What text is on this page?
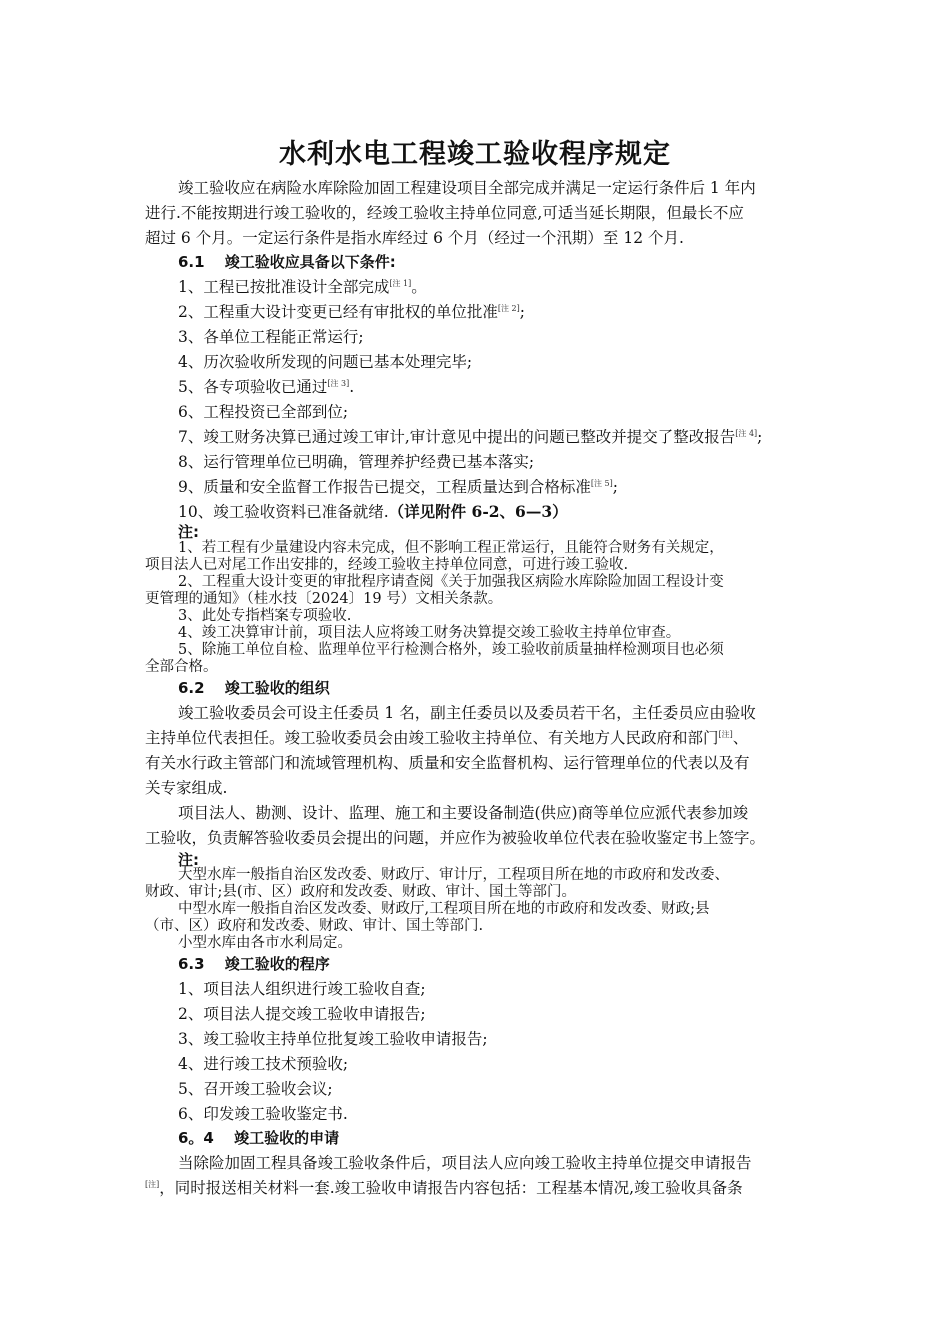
水利水电工程竣工验收程序规定
竣工验收应在病险水库除险加固工程建设项目全部完成并满足一定运行条件后 1 年内
进行.不能按期进行竣工验收的，经竣工验收主持单位同意,可适当延长期限，但最长不应
超过 6 个月。一定运行条件是指水库经过 6 个月（经过一个汛期）至 12 个月.
6.1　 竣工验收应具备以下条件:
1、工程已按批准设计全部完成[注 1]。
2、工程重大设计变更已经有审批权的单位批准[注 2];
3、各单位工程能正常运行;
4、历次验收所发现的问题已基本处理完毕;
5、各专项验收已通过[注 3].
6、工程投资已全部到位;
7、竣工财务决算已通过竣工审计,审计意见中提出的问题已整改并提交了整改报告[注 4];
8、运行管理单位已明确，管理养护经费已基本落实;
9、质量和安全监督工作报告已提交，工程质量达到合格标准[注 5];
10、竣工验收资料已准备就绪.（详见附件 6-2、6—3）
注:
1、若工程有少量建设内容未完成，但不影响工程正常运行，且能符合财务有关规定，
项目法人已对尾工作出安排的，经竣工验收主持单位同意，可进行竣工验收.
2、工程重大设计变更的审批程序请查阅《关于加强我区病险水库除险加固工程设计变
更管理的通知》（桂水技〔2024〕19 号）文相关条款。
3、此处专指档案专项验收.
4、竣工决算审计前，项目法人应将竣工财务决算提交竣工验收主持单位审查。
5、除施工单位自检、监理单位平行检测合格外，竣工验收前质量抽样检测项目也必须
全部合格。
6.2　 竣工验收的组织
竣工验收委员会可设主任委员 1 名，副主任委员以及委员若干名，主任委员应由验收
主持单位代表担任。竣工验收委员会由竣工验收主持单位、有关地方人民政府和部门[注]、
有关水行政主管部门和流域管理机构、质量和安全监督机构、运行管理单位的代表以及有
关专家组成.
项目法人、勘测、设计、监理、施工和主要设备制造(供应)商等单位应派代表参加竣
工验收，负责解答验收委员会提出的问题，并应作为被验收单位代表在验收鉴定书上签字。
注:
大型水库一般指自治区发改委、财政厅、审计厅，工程项目所在地的市政府和发改委、
财政、审计;县(市、区）政府和发改委、财政、审计、国土等部门。
中型水库一般指自治区发改委、财政厅,工程项目所在地的市政府和发改委、财政;县
（市、区）政府和发改委、财政、审计、国土等部门.
小型水库由各市水利局定。
6.3　 竣工验收的程序
1、项目法人组织进行竣工验收自查;
2、项目法人提交竣工验收申请报告;
3、竣工验收主持单位批复竣工验收申请报告;
4、进行竣工技术预验收;
5、召开竣工验收会议;
6、印发竣工验收鉴定书.
6。4　 竣工验收的申请
当除险加固工程具备竣工验收条件后，项目法人应向竣工验收主持单位提交申请报告
[注]，同时报送相关材料一套.竣工验收申请报告内容包括：工程基本情况,竣工验收具备条
